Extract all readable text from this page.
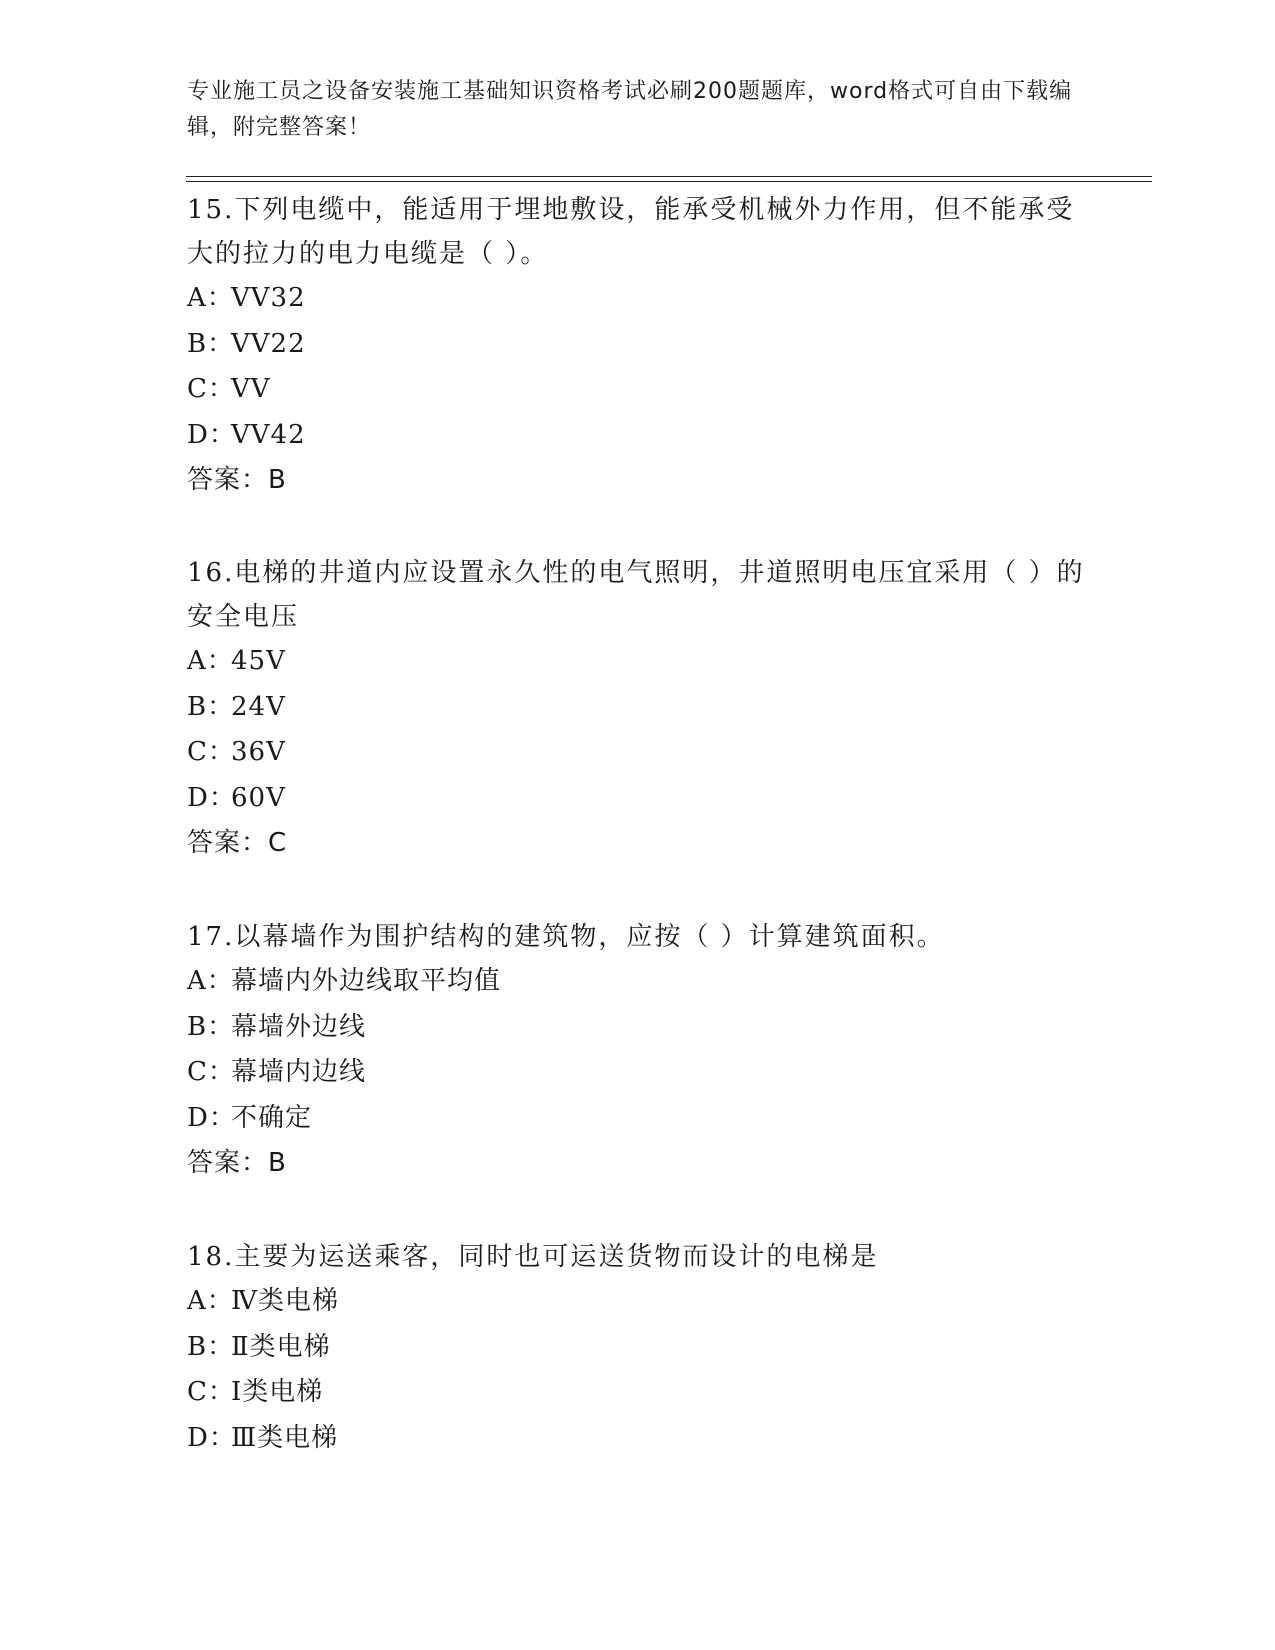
专业施工员之设备安装施工基础知识资格考试必刷200题题库，word格式可自由下载编辑，附完整答案！

15.下列电缆中，能适用于埋地敷设，能承受机械外力作用，但不能承受大的拉力的电力电缆是（ ）。

A：VV32
B：VV22
C：VV
D：VV42
答案：B

16.电梯的井道内应设置永久性的电气照明，井道照明电压宜采用（ ）的安全电压

A：45V
B：24V
C：36V
D：60V
答案：C

17.以幕墙作为围护结构的建筑物，应按（ ）计算建筑面积。

A：幕墙内外边线取平均值
B：幕墙外边线
C：幕墙内边线
D：不确定
答案：B

18.主要为运送乘客，同时也可运送货物而设计的电梯是

A：Ⅳ类电梯
B：Ⅱ类电梯
C：Ⅰ类电梯
D：Ⅲ类电梯
